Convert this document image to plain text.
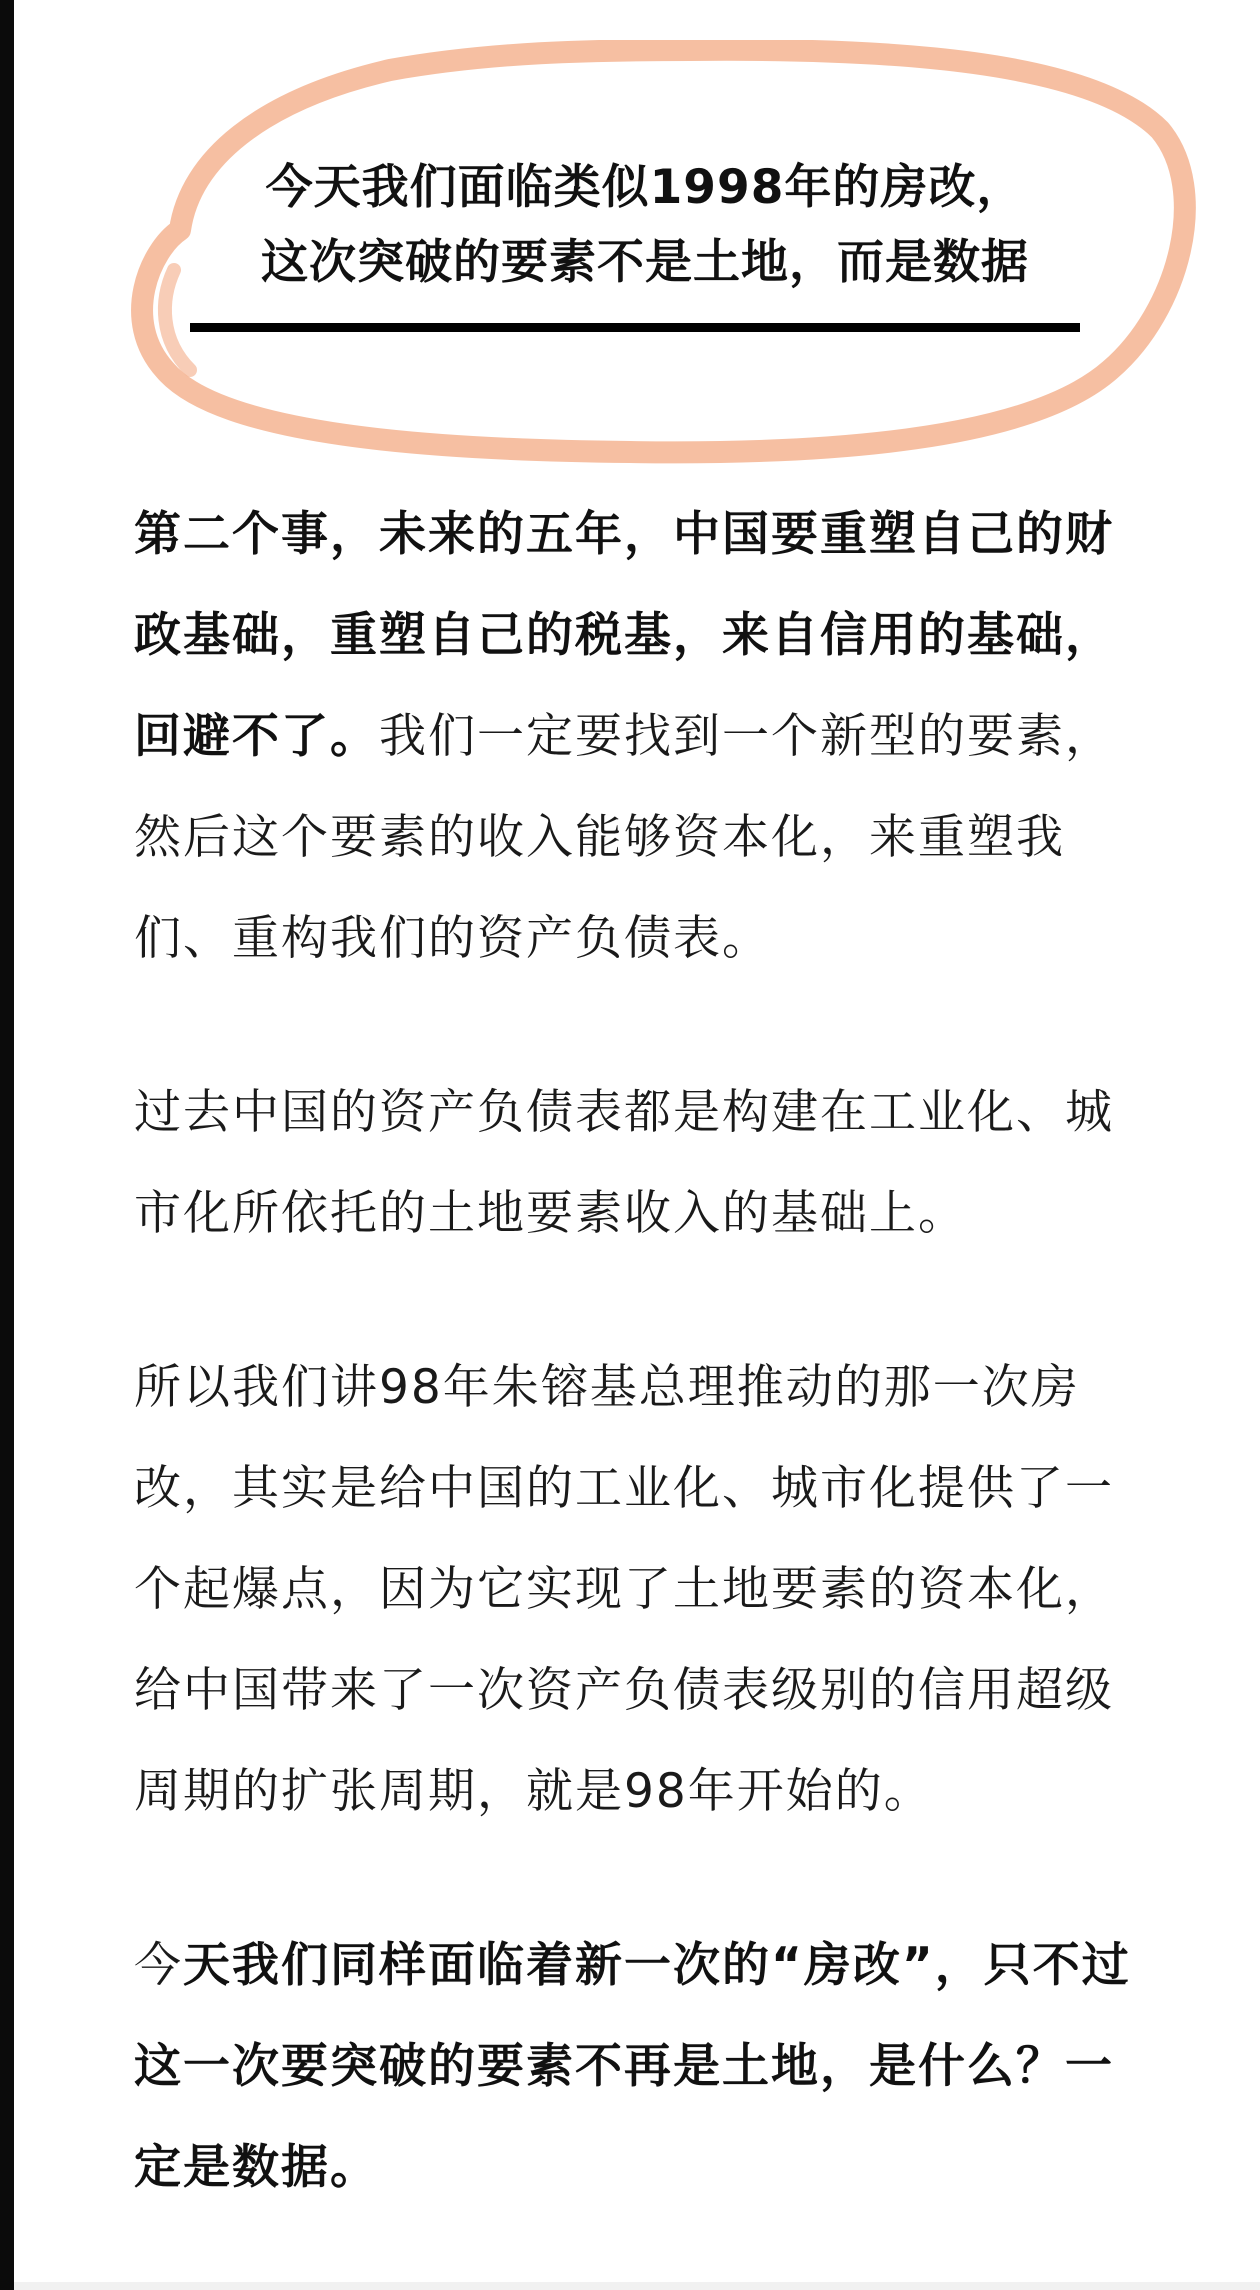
今天我们面临类似1998年的房改，
这次突破的要素不是土地，而是数据

第二个事，未来的五年，中国要重塑自己的财政基础，重塑自己的税基，来自信用的基础，回避不了。我们一定要找到一个新型的要素，然后这个要素的收入能够资本化，来重塑我们、重构我们的资产负债表。

过去中国的资产负债表都是构建在工业化、城市化所依托的土地要素收入的基础上。

所以我们讲98年朱镕基总理推动的那一次房改，其实是给中国的工业化、城市化提供了一个起爆点，因为它实现了土地要素的资本化，给中国带来了一次资产负债表级别的信用超级周期的扩张周期，就是98年开始的。

今天我们同样面临着新一次的“房改”，只不过这一次要突破的要素不再是土地，是什么？一定是数据。
